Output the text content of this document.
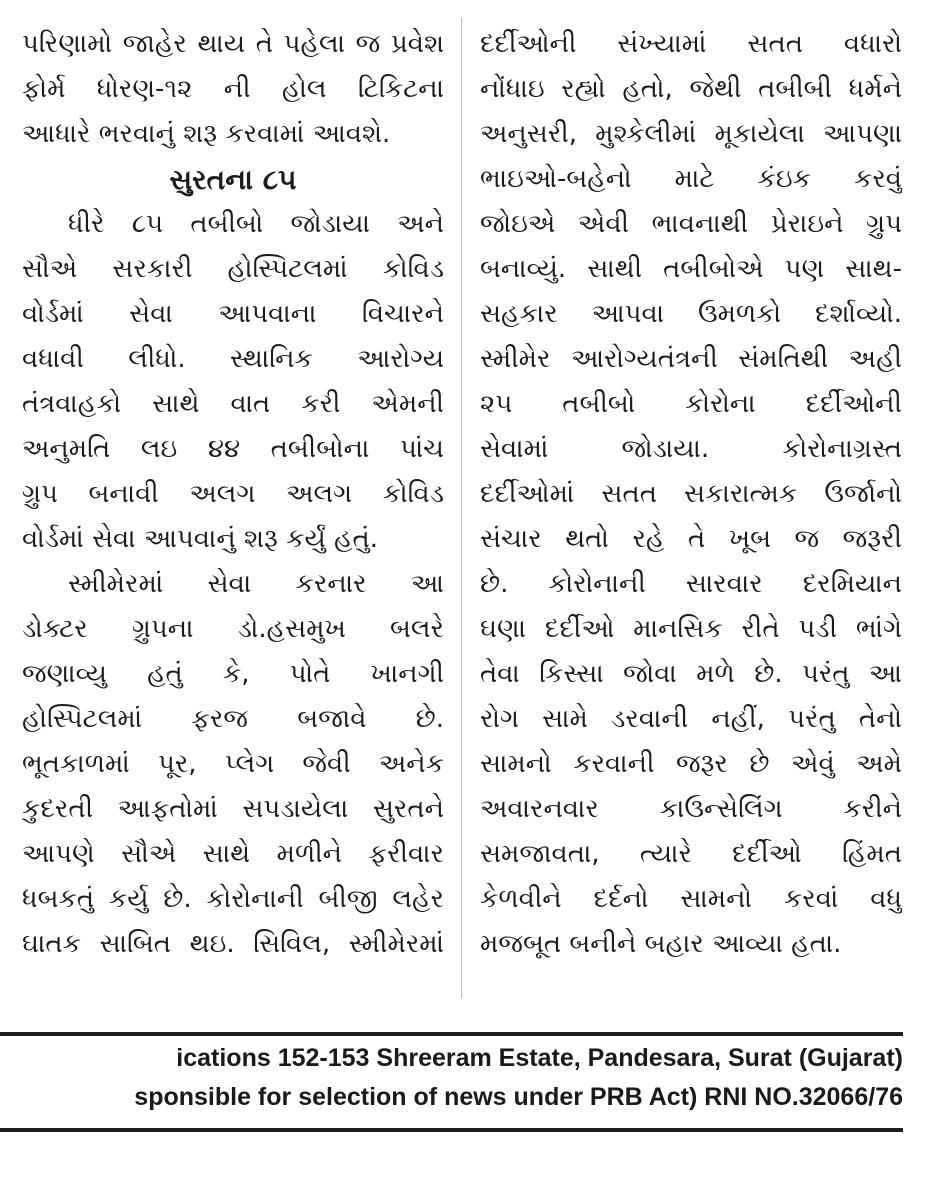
પરિણામો જાહેર થાય તે પહેલા જ પ્રવેશ
ફોર્મ ધોરણ-૧૨ ની હોલ ટિકિટના
આધારે ભરવાનું શરૂ કરવામાં આવશે.
સુરતના ૮૫
ધીરે ૮૫ તબીબો જોડાયા અને
સૌએ સરકારી હોસ્પિટલમાં કોવિડ
વોર્ડમાં સેવા આપવાના વિચારને
વધાવી લીધો. સ્થાનિક આરોગ્ય
તંત્રવાહકો સાથે વાત કરી એમની
અનુમતિ લઇ ૪૪ તબીબોના પાંચ
ગ્રુપ બનાવી અલગ અલગ કોવિડ
વોર્ડમાં સેવા આપવાનું શરૂ કર્યું હતું.
સ્મીમેરમાં સેવા કરનાર આ
ડોક્ટર ગ્રુપના ડો.હસમુખ બલરે
જણાવ્યુ હતું કે, પોતે ખાનગી
હોસ્પિટલમાં ફરજ બજાવે છે.
ભૂતકાળમાં પૂર, પ્લેગ જેવી અનેક
કુદરતી આફતોમાં સપડાયેલા સુરતને
આપણે સૌએ સાથે મળીને ફરીવાર
ધબકતું કર્યુ છે. કોરોનાની બીજી લહેર
ઘાતક સાબિત થઇ. સિવિલ, સ્મીમેરમાં
દર્દીઓની સંખ્યામાં સતત વધારો
નોંધાઇ રહ્યો હતો, જેથી તબીબી ધર્મને
અનુસરી, મુશ્કેલીમાં મૂકાયેલા આપણા
ભાઇઓ-બહેનો માટે કંઇક કરવું
જોઇએ એવી ભાવનાથી પ્રેરાઇને ગ્રુપ
બનાવ્યું. સાથી તબીબોએ પણ સાથ-
સહકાર આપવા ઉમળકો દર્શાવ્યો.
સ્મીમેર આરોગ્યતંત્રની સંમતિથી અહી
૨૫ તબીબો કોરોના દર્દીઓની
સેવામાં જોડાયા. કોરોનાગ્રસ્ત
દર્દીઓમાં સતત સકારાત્મક ઉર્જાનો
સંચાર થતો રહે તે ખૂબ જ જરૂરી
છે. કોરોનાની સારવાર દરમિયાન
ઘણા દર્દીઓ માનસિક રીતે પડી ભાંગે
તેવા કિસ્સા જોવા મળે છે. પરંતુ આ
રોગ સામે ડરવાની નહીં, પરંતુ તેનો
સામનો કરવાની જરૂર છે એવું અમે
અવારનવાર કાઉન્સેલિંગ કરીને
સમજાવતા, ત્યારે દર્દીઓ હિંમત
કેળવીને દર્દનો સામનો કરવાં વધુ
મજબૂત બનીને બહાર આવ્યા હતા.
ications 152-153 Shreeram Estate, Pandesara, Surat (Gujarat)
sponsible for selection of news under PRB Act) RNI NO.32066/76
